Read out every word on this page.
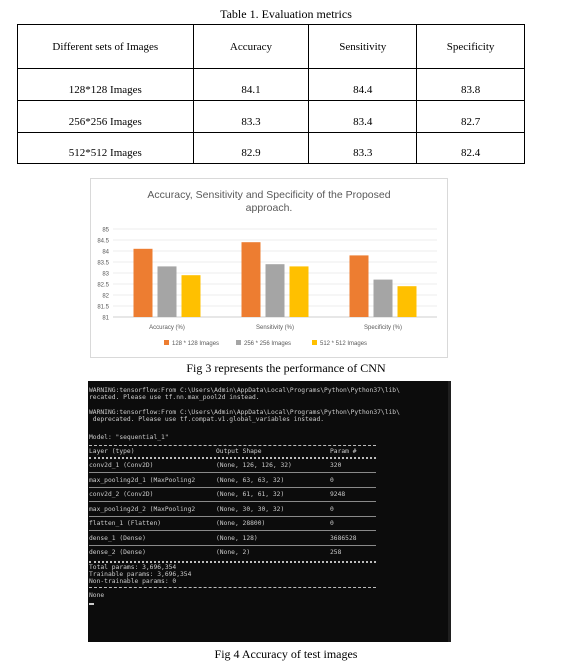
Table 1. Evaluation metrics
Different sets of Images	Accuracy	Sensitivity	Specificity
128*128 Images	84.1	84.4	83.8
256*256 Images	83.3	83.4	82.7
512*512 Images	82.9	83.3	82.4
Accuracy, Sensitivity and Specificity of the Proposed
approach.
85
84.5
84
83.5
83
82.5
82
81.5
81
Accuracy (%)	Sensitivity (%)	Specificity (%)
128 * 128 Images	256 * 256 Images	512 * 512 Images
Fig 3 represents the performance of CNN
WARNING:tensorflow:From C:\Users\Admin\AppData\Local\Programs\Python\Python37\lib\
recated. Please use tf.nn.max_pool2d instead.
WARNING:tensorflow:From C:\Users\Admin\AppData\Local\Programs\Python\Python37\lib\
deprecated. Please use tf.compat.v1.global_variables instead.
Model: "sequential_1"
Layer (type)	Output Shape	Param #
conv2d_1 (Conv2D)	(None, 126, 126, 32)	320
max_pooling2d_1 (MaxPooling2	(None, 63, 63, 32)	0
conv2d_2 (Conv2D)	(None, 61, 61, 32)	9248
max_pooling2d_2 (MaxPooling2	(None, 30, 30, 32)	0
flatten_1 (Flatten)	(None, 28800)	0
dense_1 (Dense)	(None, 128)	3686528
dense_2 (Dense)	(None, 2)	258
Total params: 3,696,354
Trainable params: 3,696,354
Non-trainable params: 0
None
Fig 4 Accuracy of test images
